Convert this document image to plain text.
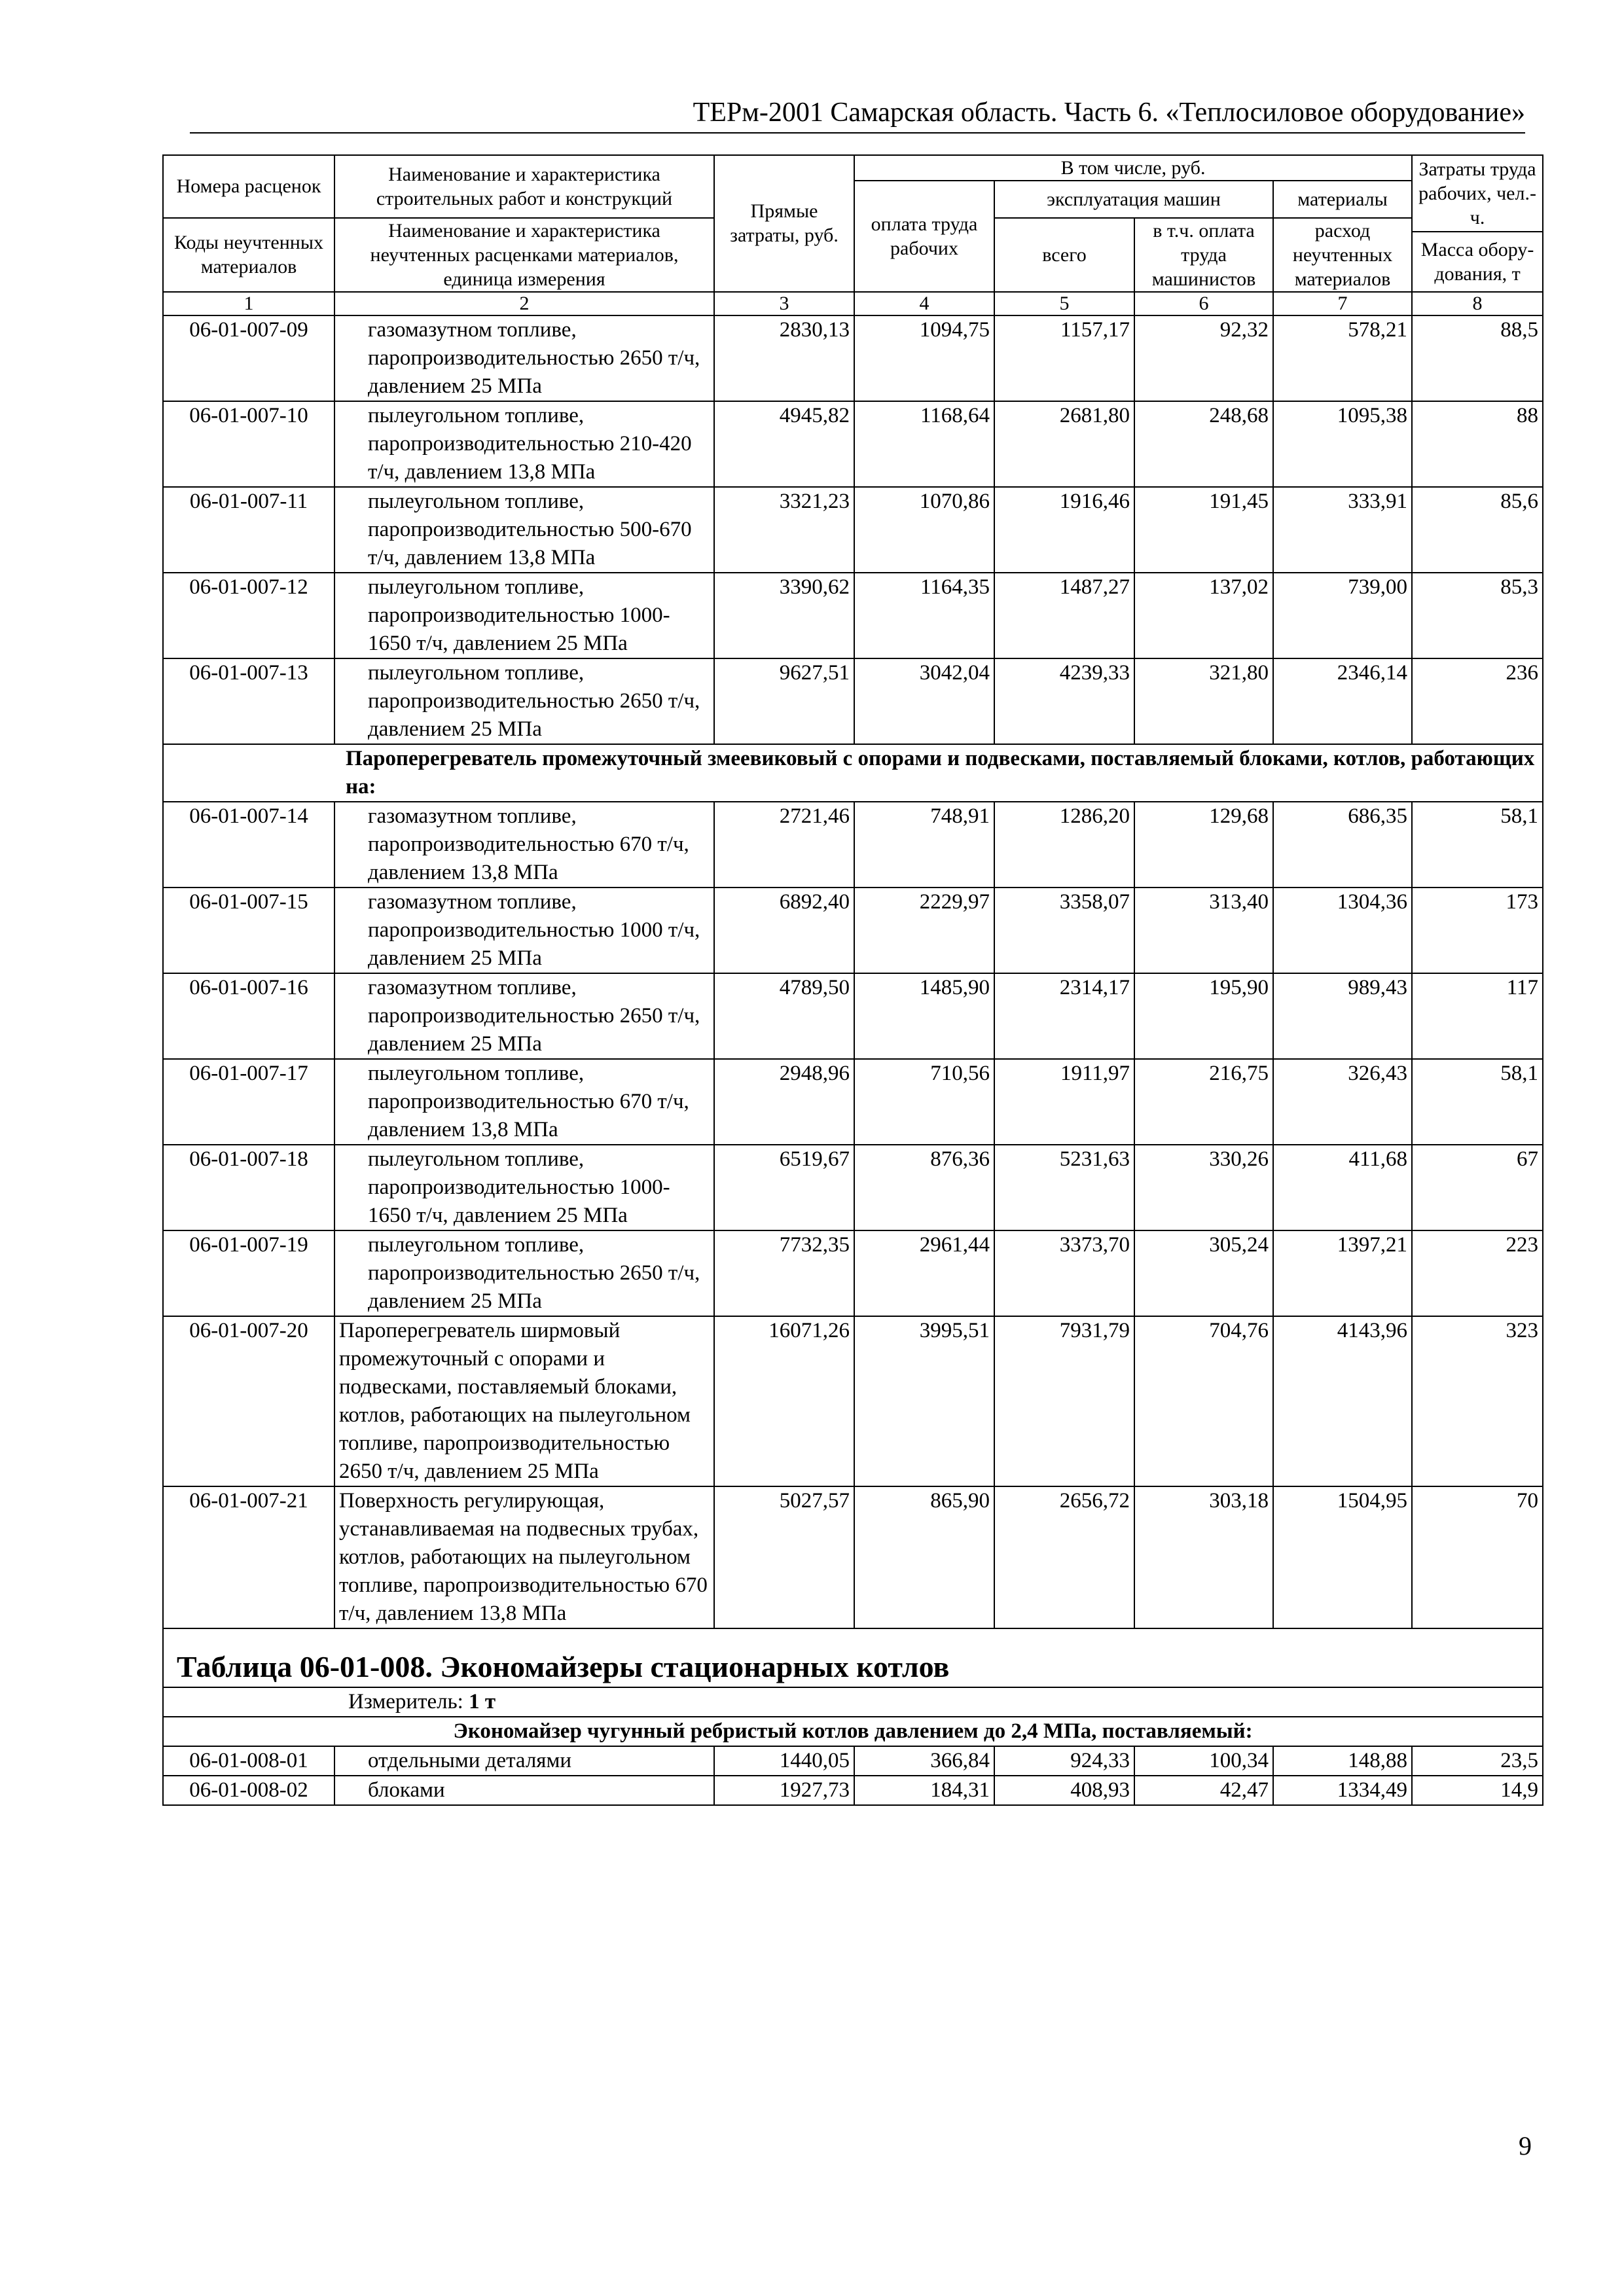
ТЕРм-2001 Самарская область. Часть 6. «Теплосиловое оборудование»
Номера расценок	Наименование и характеристика строительных работ и конструкций	Прямые затраты, руб.	В том числе, руб.				Затраты труда рабочих, чел.-ч.
			оплата труда рабочих	эксплуатация машин		материалы	
Коды неучтенных материалов	Наименование и характеристика неучтенных расценками материалов, единица измерения			всего	в т.ч. оплата труда машинистов	расход неучтенных материалов	
							Масса обору-дования, т
1	2	3	4	5	6	7	8
06-01-007-09	газомазутном топливе, паропроизводительностью 2650 т/ч, давлением 25 МПа	2830,13	1094,75	1157,17	92,32	578,21	88,5
06-01-007-10	пылеугольном топливе, паропроизводительностью 210-420 т/ч, давлением 13,8 МПа	4945,82	1168,64	2681,80	248,68	1095,38	88
06-01-007-11	пылеугольном топливе, паропроизводительностью 500-670 т/ч, давлением 13,8 МПа	3321,23	1070,86	1916,46	191,45	333,91	85,6
06-01-007-12	пылеугольном топливе, паропроизводительностью 1000-1650 т/ч, давлением 25 МПа	3390,62	1164,35	1487,27	137,02	739,00	85,3
06-01-007-13	пылеугольном топливе, паропроизводительностью 2650 т/ч, давлением 25 МПа	9627,51	3042,04	4239,33	321,80	2346,14	236
Пароперегреватель промежуточный змеевиковый с опорами и подвесками, поставляемый блоками, котлов, работающих на:							
06-01-007-14	газомазутном топливе, паропроизводительностью 670 т/ч, давлением 13,8 МПа	2721,46	748,91	1286,20	129,68	686,35	58,1
06-01-007-15	газомазутном топливе, паропроизводительностью 1000 т/ч, давлением 25 МПа	6892,40	2229,97	3358,07	313,40	1304,36	173
06-01-007-16	газомазутном топливе, паропроизводительностью 2650 т/ч, давлением 25 МПа	4789,50	1485,90	2314,17	195,90	989,43	117
06-01-007-17	пылеугольном топливе, паропроизводительностью 670 т/ч, давлением 13,8 МПа	2948,96	710,56	1911,97	216,75	326,43	58,1
06-01-007-18	пылеугольном топливе, паропроизводительностью 1000-1650 т/ч, давлением 25 МПа	6519,67	876,36	5231,63	330,26	411,68	67
06-01-007-19	пылеугольном топливе, паропроизводительностью 2650 т/ч, давлением 25 МПа	7732,35	2961,44	3373,70	305,24	1397,21	223
06-01-007-20	Пароперегреватель ширмовый промежуточный с опорами и подвесками, поставляемый блоками, котлов, работающих на пылеугольном топливе, паропроизводительностью 2650 т/ч, давлением 25 МПа	16071,26	3995,51	7931,79	704,76	4143,96	323
06-01-007-21	Поверхность регулирующая, устанавливаемая на подвесных трубах, котлов, работающих на пылеугольном топливе, паропроизводительностью 670 т/ч, давлением 13,8 МПа	5027,57	865,90	2656,72	303,18	1504,95	70

Таблица 06-01-008. Экономайзеры стационарных котлов							

Измеритель: 1 т							
Экономайзер чугунный ребристый котлов давлением до 2,4 МПа, поставляемый:							
06-01-008-01	отдельными деталями	1440,05	366,84	924,33	100,34	148,88	23,5
06-01-008-02	блоками	1927,73	184,31	408,93	42,47	1334,49	14,9
9
